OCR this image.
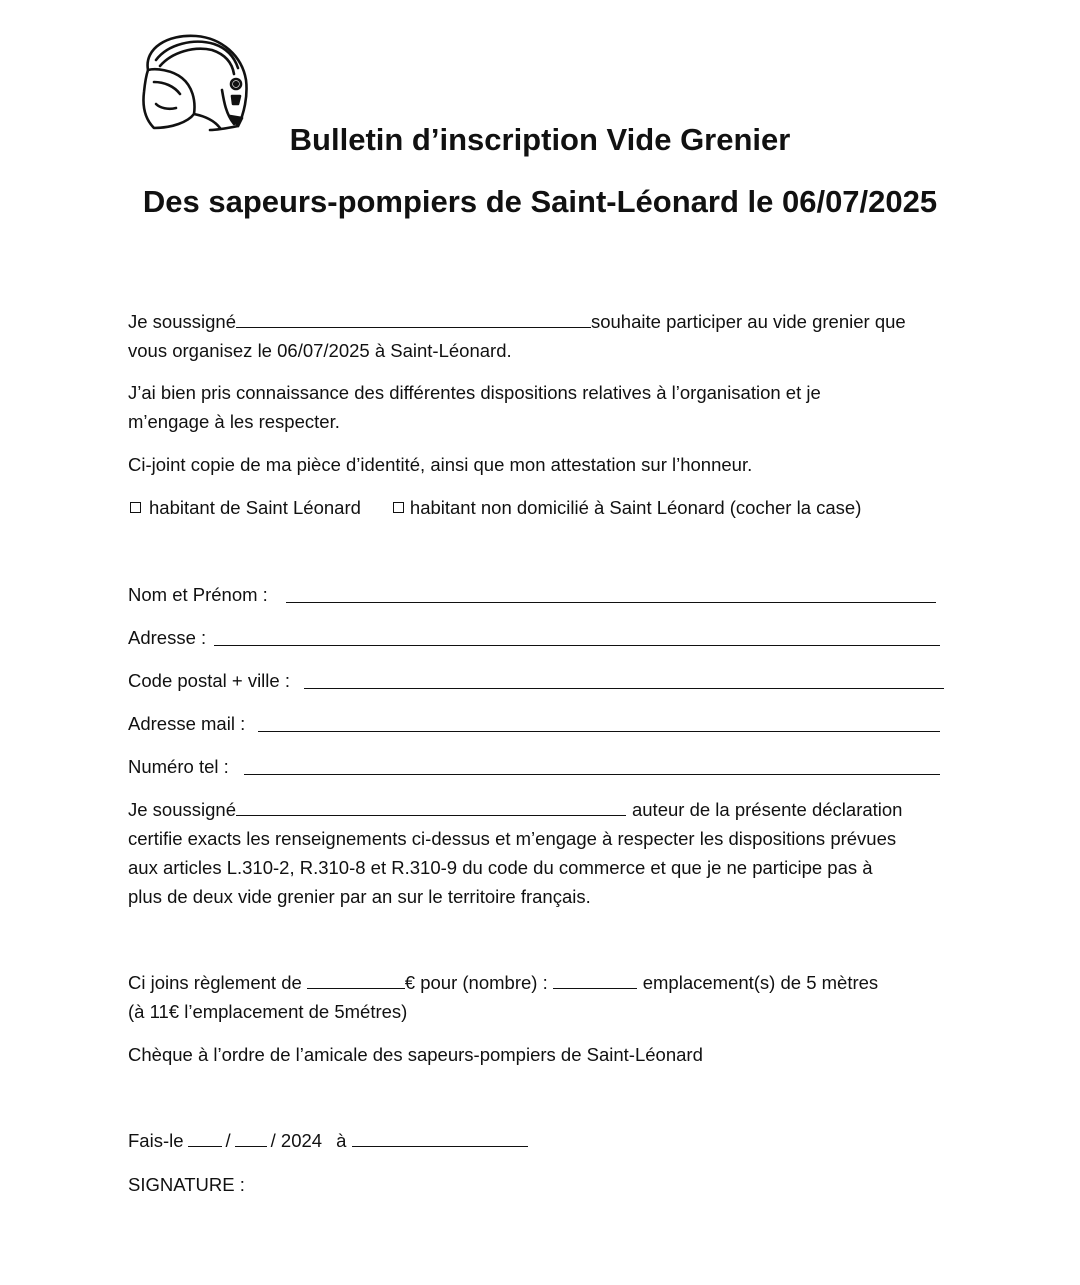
Bulletin d’inscription Vide Grenier
Des sapeurs-pompiers de Saint-Léonard le 06/07/2025
Je soussigné	souhaite participer au vide grenier que
vous organisez le 06/07/2025 à Saint-Léonard.
J’ai bien pris connaissance des différentes dispositions relatives à l’organisation et je
m’engage à les respecter.
Ci-joint copie de ma pièce d’identité, ainsi que mon attestation sur l’honneur.
habitant de Saint Léonard	habitant non domicilié à Saint Léonard (cocher la case)
Nom et Prénom :
Adresse :
Code postal + ville :
Adresse mail :
Numéro tel :
Je soussigné	auteur de la présente déclaration
certifie exacts les renseignements ci-dessus et m’engage à respecter les dispositions prévues
aux articles L.310-2, R.310-8 et R.310-9 du code du commerce et que je ne participe pas à
plus de deux vide grenier par an sur le territoire français.
Ci joins règlement de	€ pour (nombre) :	emplacement(s) de 5 mètres
(à 11€ l’emplacement de 5métres)
Chèque à l’ordre de l’amicale des sapeurs-pompiers de Saint-Léonard
Fais-le / / 2024 à
SIGNATURE :
